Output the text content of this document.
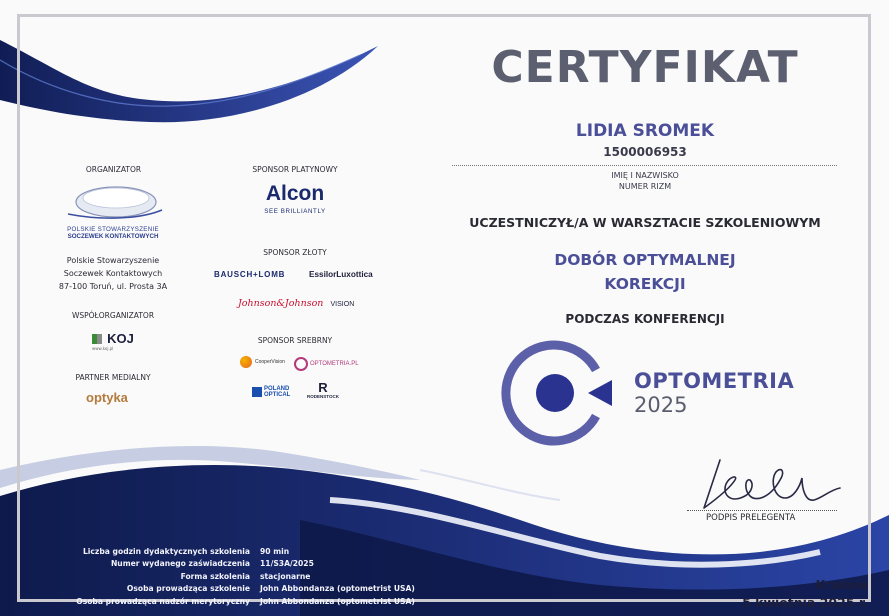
ORGANIZATOR
POLSKIE STOWARZYSZENIE
SOCZEWEK KONTAKTOWYCH
Polskie Stowarzyszenie
Soczewek Kontaktowych
87-100 Toruń, ul. Prosta 3A
WSPÓŁORGANIZATOR
KOJ
www.koj.pl
PARTNER MEDIALNY
optyka
SPONSOR PLATYNOWY
Alcon
SEE BRILLIANTLY
SPONSOR ZŁOTY
BAUSCH+LOMB	EssilorLuxottica
Johnson&Johnson VISION
SPONSOR SREBRNY
CooperVision	OPTOMETRIA.PL
POLAND
OPTICAL	R
RODENSTOCK
CERTYFIKAT
LIDIA SROMEK
1500006953
IMIĘ I NAZWISKO
NUMER RIZM
UCZESTNICZYŁ/A W WARSZTACIE SZKOLENIOWYM
DOBÓR OPTYMALNEJ
KOREKCJI
PODCZAS KONFERENCJI
OPTOMETRIA
2025
PODPIS PRELEGENTA
Liczba godzin dydaktycznych szkolenia	90 min
Numer wydanego zaświadczenia	11/S3A/2025
Forma szkolenia	stacjonarne
Osoba prowadząca szkolenie	John Abbondanza (optometrist USA)
Osoba prowadząca nadzór merytoryczny	John Abbondanza (optometrist USA)
Kraków
5 kwietnia 2025 r.
